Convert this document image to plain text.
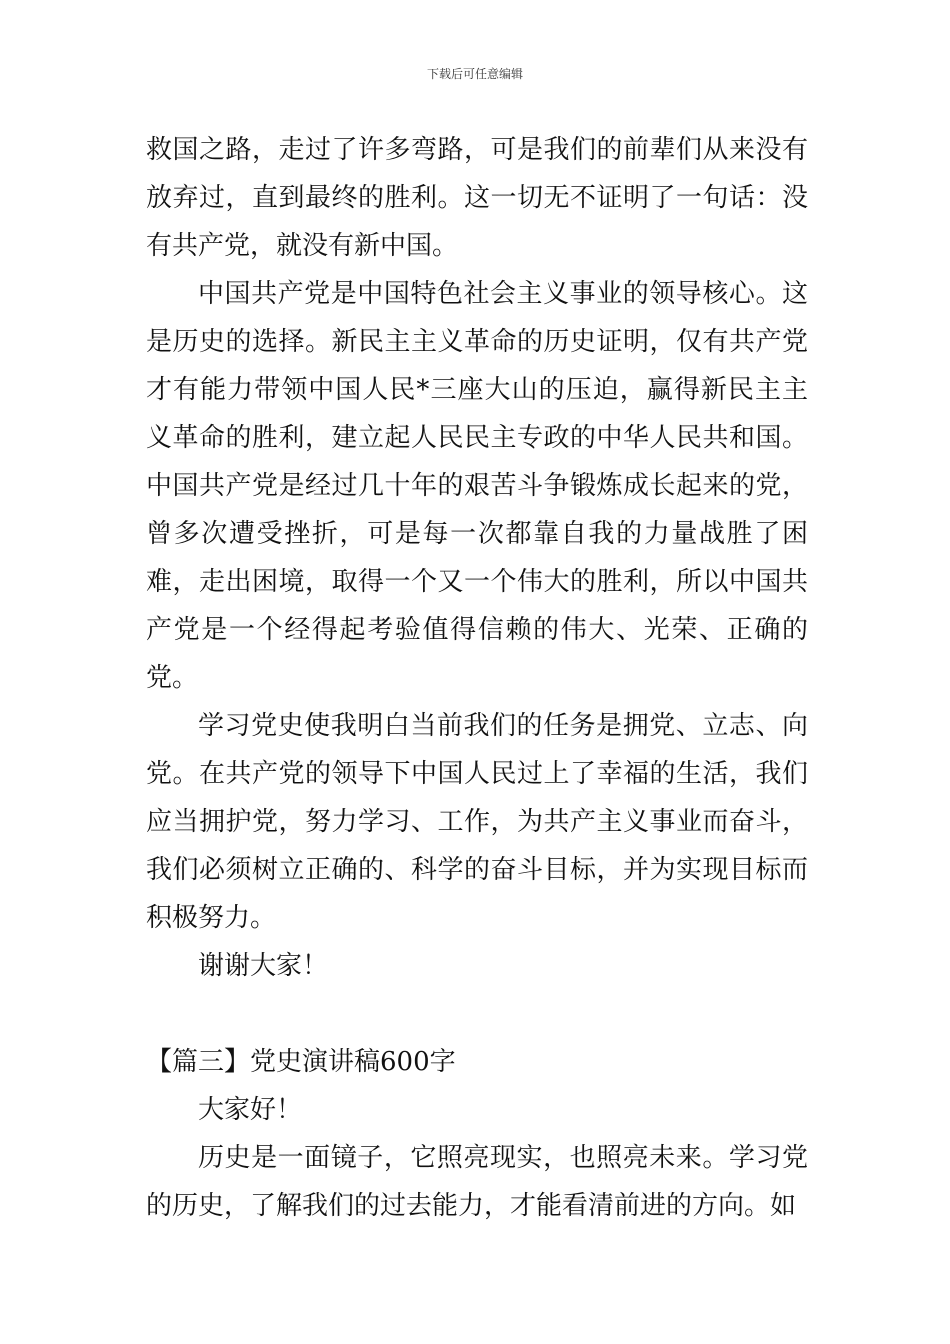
下载后可任意编辑

救国之路，走过了许多弯路，可是我们的前辈们从来没有放弃过，直到最终的胜利。这一切无不证明了一句话：没有共产党，就没有新中国。

中国共产党是中国特色社会主义事业的领导核心。这是历史的选择。新民主主义革命的历史证明，仅有共产党才有能力带领中国人民*三座大山的压迫，赢得新民主主义革命的胜利，建立起人民民主专政的中华人民共和国。中国共产党是经过几十年的艰苦斗争锻炼成长起来的党，曾多次遭受挫折，可是每一次都靠自我的力量战胜了困难，走出困境，取得一个又一个伟大的胜利，所以中国共产党是一个经得起考验值得信赖的伟大、光荣、正确的党。

学习党史使我明白当前我们的任务是拥党、立志、向党。在共产党的领导下中国人民过上了幸福的生活，我们应当拥护党，努力学习、工作，为共产主义事业而奋斗，我们必须树立正确的、科学的奋斗目标，并为实现目标而积极努力。

谢谢大家！

【篇三】党史演讲稿600字

大家好！

历史是一面镜子，它照亮现实，也照亮未来。学习党的历史，了解我们的过去能力，才能看清前进的方向。如
